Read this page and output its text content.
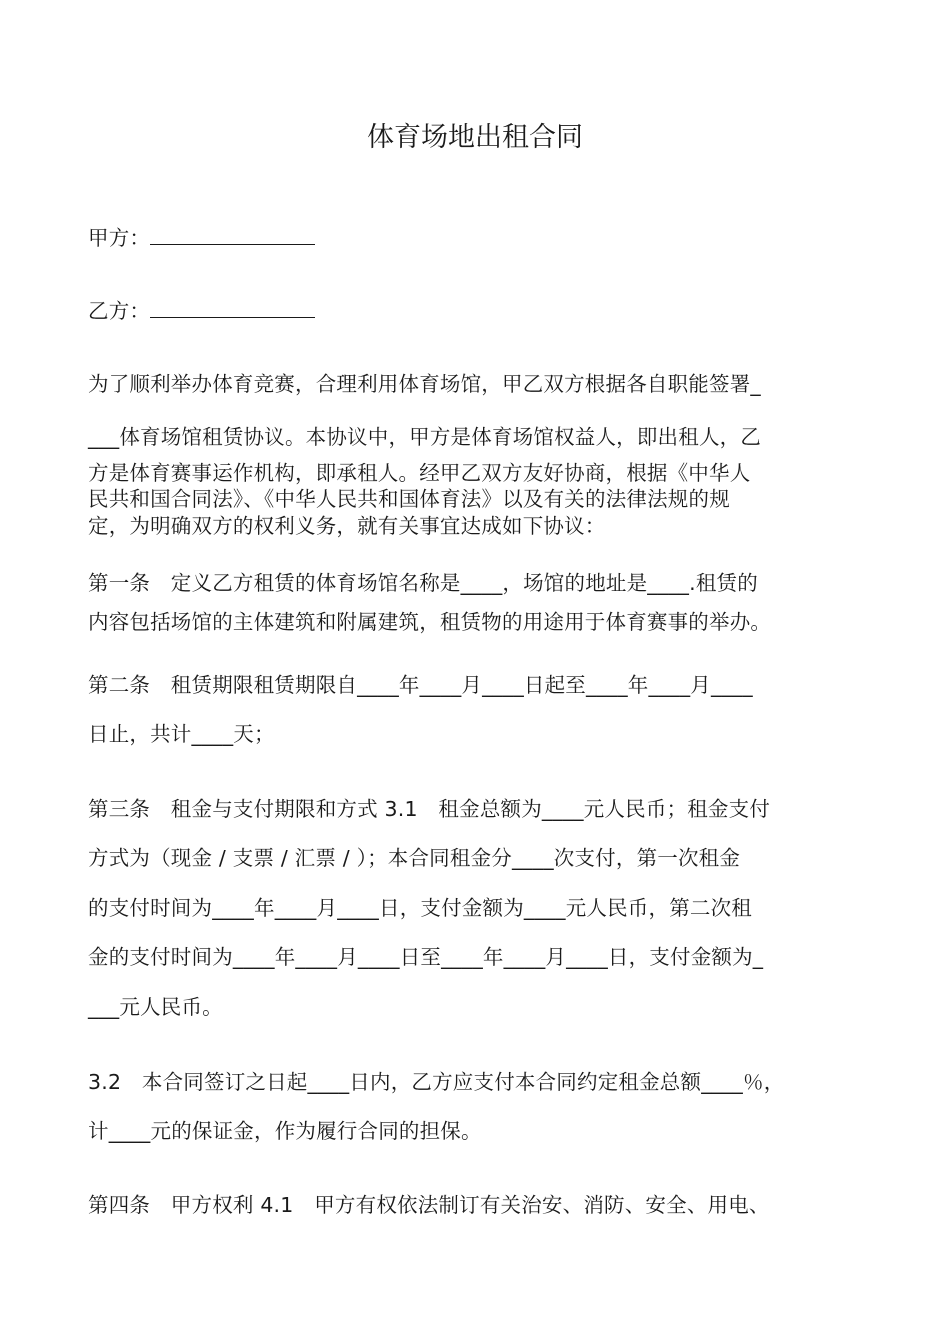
体育场地出租合同

甲方：

乙方：

为了顺利举办体育竞赛，合理利用体育场馆，甲乙双方根据各自职能签署_

___体育场馆租赁协议。本协议中，甲方是体育场馆权益人，即出租人，乙

方是体育赛事运作机构，即承租人。经甲乙双方友好协商，根据《中华人

民共和国合同法》、《中华人民共和国体育法》以及有关的法律法规的规

定，为明确双方的权利义务，就有关事宜达成如下协议：

第一条　定义乙方租赁的体育场馆名称是____，场馆的地址是____.租赁的

内容包括场馆的主体建筑和附属建筑，租赁物的用途用于体育赛事的举办。

第二条　租赁期限租赁期限自____年____月____日起至____年____月____

日止，共计____天；

第三条　租金与支付期限和方式 3.1　租金总额为____元人民币；租金支付

方式为（现金 / 支票 / 汇票 / ）；本合同租金分____次支付，第一次租金

的支付时间为____年____月____日，支付金额为____元人民币，第二次租

金的支付时间为____年____月____日至____年____月____日，支付金额为_

___元人民币。

3.2　本合同签订之日起____日内，乙方应支付本合同约定租金总额____％，

计____元的保证金，作为履行合同的担保。

第四条　甲方权利 4.1　甲方有权依法制订有关治安、消防、安全、用电、
